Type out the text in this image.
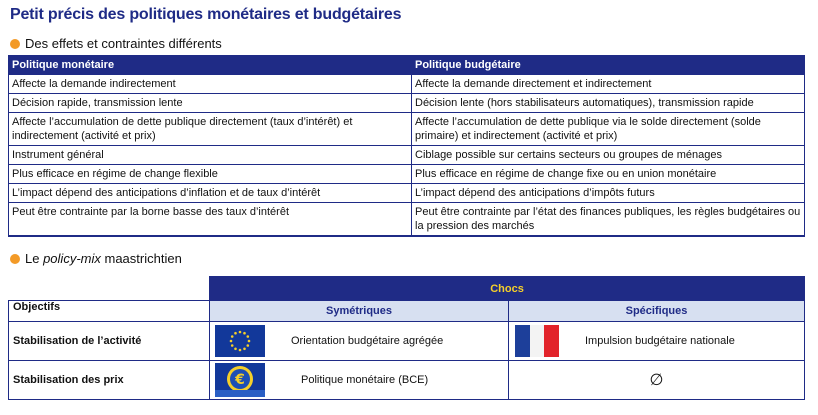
Petit précis des politiques monétaires et budgétaires
Des effets et contraintes différents
Politique monétaire	Politique budgétaire
Affecte la demande indirectement	Affecte la demande directement et indirectement
Décision rapide, transmission lente	Décision lente (hors stabilisateurs automatiques), transmission rapide
Affecte l’accumulation de dette publique directement (taux d’intérêt) et indirectement (activité et prix)	Affecte l’accumulation de dette publique via le solde directement (solde primaire) et indirectement (activité et prix)
Instrument général	Ciblage possible sur certains secteurs ou groupes de ménages
Plus efficace en régime de change flexible	Plus efficace en régime de change fixe ou en union monétaire
L’impact dépend des anticipations d’inflation et de taux d’intérêt	L’impact dépend des anticipations d’impôts futurs
Peut être contrainte par la borne basse des taux d’intérêt	Peut être contrainte par l’état des finances publiques, les règles budgétaires ou la pression des marchés
Le policy-mix maastrichtien
	Chocs	
Objectifs	Symétriques	Spécifiques
Stabilisation de l’activité	Orientation budgétaire agrégée	Impulsion budgétaire nationale

Stabilisation des prix	€ Politique monétaire (BCE)	∅
